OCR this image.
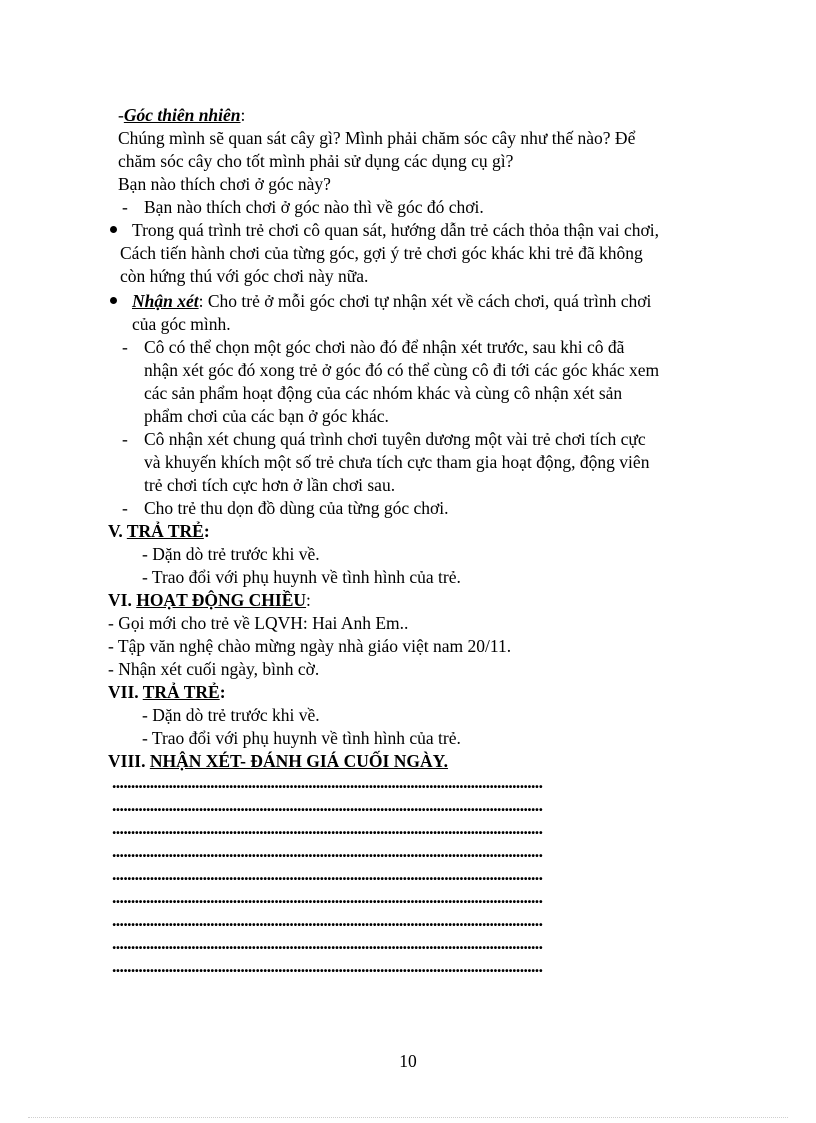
-Góc thiên nhiên:
Chúng mình sẽ quan sát cây gì? Mình phải chăm sóc cây như thế nào? Để
chăm sóc cây cho tốt mình phải sử dụng các dụng cụ gì?
Bạn nào thích chơi ở góc này?
- Bạn nào thích chơi ở góc nào thì về góc đó chơi.
Trong quá trình trẻ chơi cô quan sát, hướng dẫn trẻ cách thỏa thận vai chơi,
Cách tiến hành chơi của từng góc, gợi ý trẻ chơi góc khác khi trẻ đã không
còn hứng thú với góc chơi này nữa.
Nhận xét: Cho trẻ ở mỗi góc chơi tự nhận xét về cách chơi, quá trình chơi
của góc mình.
- Cô có thể chọn một góc chơi nào đó để nhận xét trước, sau khi cô đã
nhận xét góc đó xong trẻ ở góc đó có thể cùng cô đi tới các góc khác xem
các sản phẩm hoạt động của các nhóm khác và cùng cô nhận xét sản
phẩm chơi của các bạn ở góc khác.
- Cô nhận xét chung quá trình chơi tuyên dương một vài trẻ chơi tích cực
và khuyến khích một số trẻ chưa tích cực tham gia hoạt động, động viên
trẻ chơi tích cực hơn ở lần chơi sau.
- Cho trẻ thu dọn đồ dùng của từng góc chơi.
V. TRẢ TRẺ:
- Dặn dò trẻ trước khi về.
- Trao đổi với phụ huynh về tình hình của trẻ.
VI. HOẠT ĐỘNG CHIỀU:
- Gọi mới cho trẻ về LQVH: Hai Anh Em..
- Tập văn nghệ chào mừng ngày nhà giáo việt nam 20/11.
- Nhận xét cuối ngày, bình cờ.
VII. TRẢ TRẺ:
- Dặn dò trẻ trước khi về.
- Trao đổi với phụ huynh về tình hình của trẻ.
VIII. NHẬN XÉT- ĐÁNH GIÁ CUỐI NGÀY.
..................................................................................................................
..................................................................................................................
..................................................................................................................
..................................................................................................................
..................................................................................................................
..................................................................................................................
..................................................................................................................
..................................................................................................................
..................................................................................................................
10
